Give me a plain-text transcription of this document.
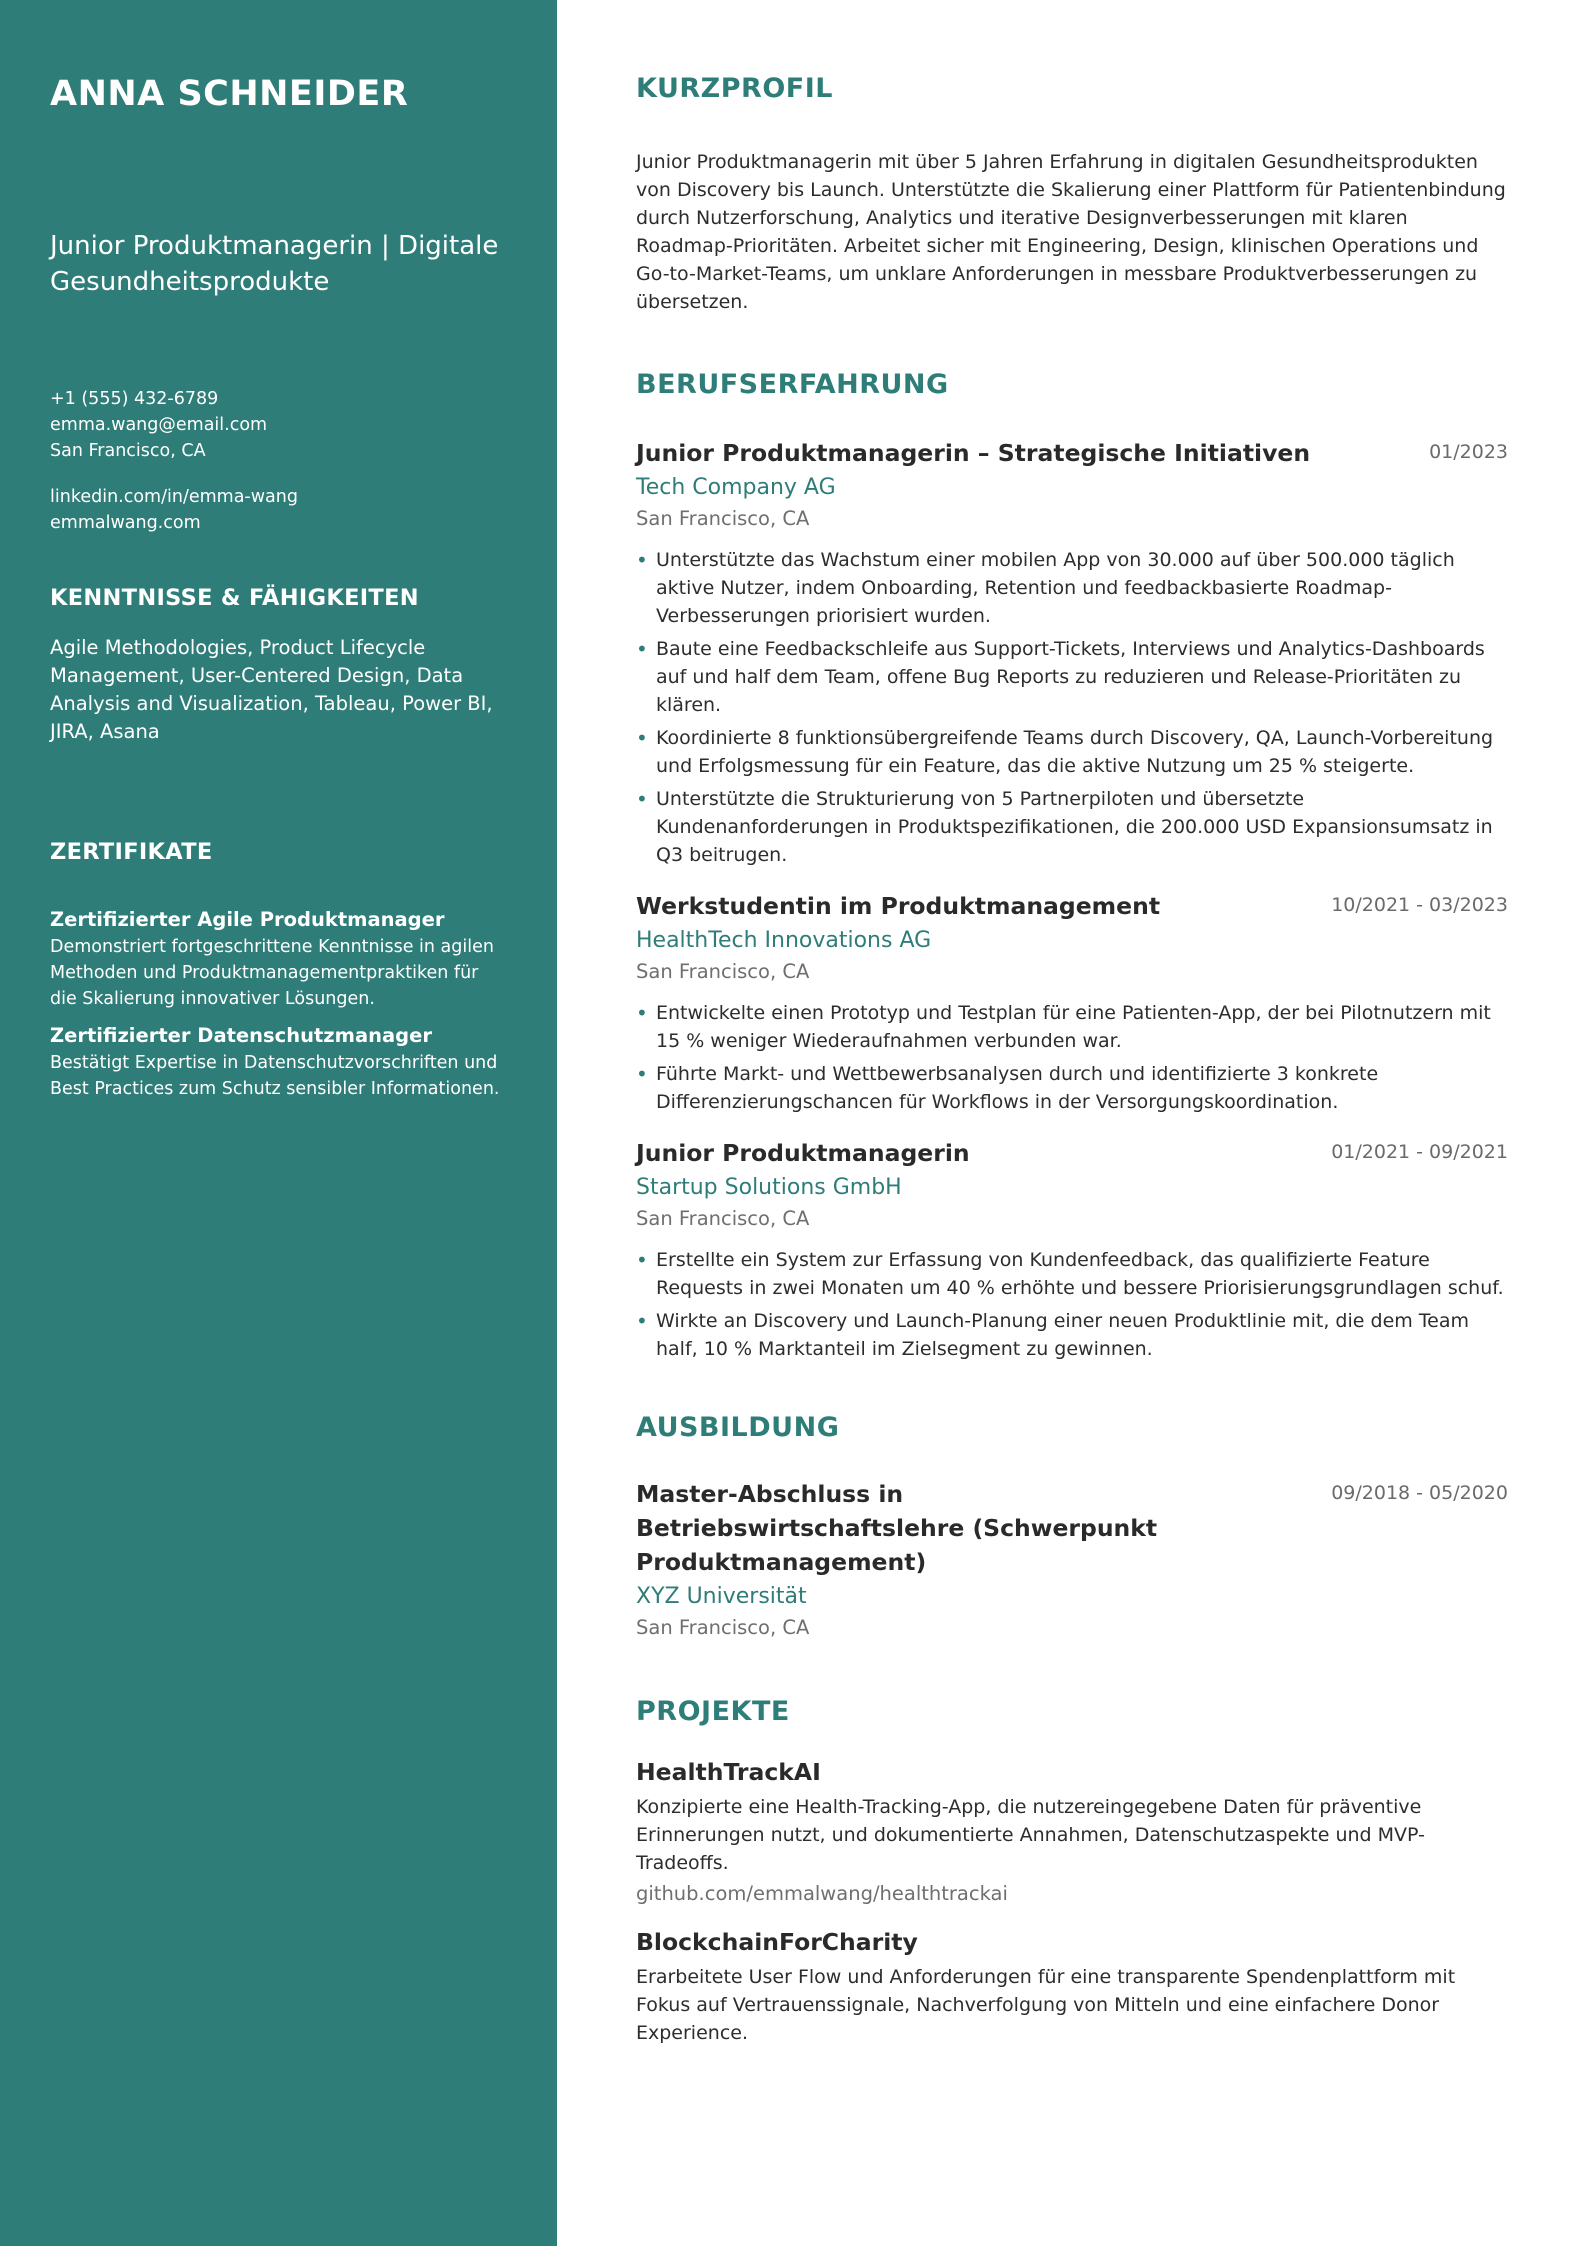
ANNA SCHNEIDER
Junior Produktmanagerin | Digitale Gesundheitsprodukte
+1 (555) 432-6789
emma.wang@email.com
San Francisco, CA
linkedin.com/in/emma-wang
emmalwang.com
KENNTNISSE & FÄHIGKEITEN
Agile Methodologies, Product Lifecycle Management, User-Centered Design, Data Analysis and Visualization, Tableau, Power BI, JIRA, Asana
ZERTIFIKATE
Zertifizierter Agile Produktmanager
Demonstriert fortgeschrittene Kenntnisse in agilen Methoden und Produktmanagementpraktiken für die Skalierung innovativer Lösungen.
Zertifizierter Datenschutzmanager
Bestätigt Expertise in Datenschutzvorschriften und Best Practices zum Schutz sensibler Informationen.
KURZPROFIL

Junior Produktmanagerin mit über 5 Jahren Erfahrung in digitalen Gesundheitsprodukten von Discovery bis Launch. Unterstützte die Skalierung einer Plattform für Patientenbindung durch Nutzerforschung, Analytics und iterative Designverbesserungen mit klaren Roadmap-Prioritäten. Arbeitet sicher mit Engineering, Design, klinischen Operations und Go-to-Market-Teams, um unklare Anforderungen in messbare Produktverbesserungen zu übersetzen.

BERUFSERFAHRUNG
Junior Produktmanagerin – Strategische Initiativen	01/2023
Tech Company AG
San Francisco, CA
• Unterstützte das Wachstum einer mobilen App von 30.000 auf über 500.000 täglich aktive Nutzer, indem Onboarding, Retention und feedbackbasierte Roadmap-Verbesserungen priorisiert wurden.
• Baute eine Feedbackschleife aus Support-Tickets, Interviews und Analytics-Dashboards auf und half dem Team, offene Bug Reports zu reduzieren und Release-Prioritäten zu klären.
• Koordinierte 8 funktionsübergreifende Teams durch Discovery, QA, Launch-Vorbereitung und Erfolgsmessung für ein Feature, das die aktive Nutzung um 25 % steigerte.
• Unterstützte die Strukturierung von 5 Partnerpiloten und übersetzte Kundenanforderungen in Produktspezifikationen, die 200.000 USD Expansionsumsatz in Q3 beitrugen.
Werkstudentin im Produktmanagement	10/2021 - 03/2023
HealthTech Innovations AG
San Francisco, CA
• Entwickelte einen Prototyp und Testplan für eine Patienten-App, der bei Pilotnutzern mit 15 % weniger Wiederaufnahmen verbunden war.
• Führte Markt- und Wettbewerbsanalysen durch und identifizierte 3 konkrete Differenzierungschancen für Workflows in der Versorgungskoordination.
Junior Produktmanagerin	01/2021 - 09/2021
Startup Solutions GmbH
San Francisco, CA
• Erstellte ein System zur Erfassung von Kundenfeedback, das qualifizierte Feature Requests in zwei Monaten um 40 % erhöhte und bessere Priorisierungsgrundlagen schuf.
• Wirkte an Discovery und Launch-Planung einer neuen Produktlinie mit, die dem Team half, 10 % Marktanteil im Zielsegment zu gewinnen.
AUSBILDUNG
Master-Abschluss in Betriebswirtschaftslehre (Schwerpunkt Produktmanagement)
09/2018 - 05/2020
XYZ Universität
San Francisco, CA
PROJEKTE
HealthTrackAI
Konzipierte eine Health-Tracking-App, die nutzereingegebene Daten für präventive Erinnerungen nutzt, und dokumentierte Annahmen, Datenschutzaspekte und MVP-Tradeoffs.
github.com/emmalwang/healthtrackai
BlockchainForCharity
Erarbeitete User Flow und Anforderungen für eine transparente Spendenplattform mit Fokus auf Vertrauenssignale, Nachverfolgung von Mitteln und eine einfachere Donor Experience.
